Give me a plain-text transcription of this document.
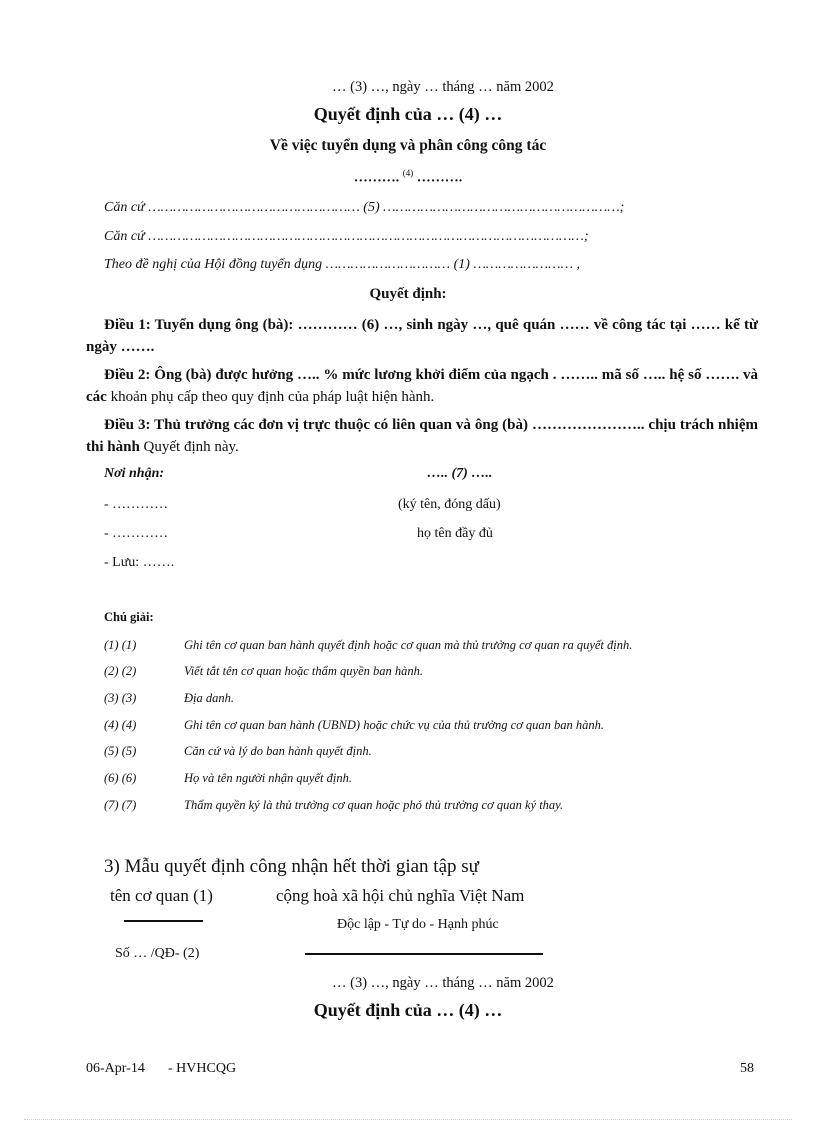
… (3) …, ngày … tháng … năm 2002
Quyết định của … (4) …
Về việc tuyển dụng và phân công công tác
………. $^{(4)}$ ……….
Căn cứ …………………………………………… (5) …………………………………………………;
Căn cứ ……………………………………………………………………………………………;
Theo đề nghị của Hội đồng tuyển dụng ………………………… (1) …………………… ,
Quyết định:
Điều 1: Tuyển dụng ông (bà): ………… (6) …, sinh ngày …, quê quán …… về công tác tại …… kể từ ngày …….
Điều 2: Ông (bà) được hưởng ….. % mức lương khởi điểm của ngạch . …….. mã số ….. hệ số ……. và các khoản phụ cấp theo quy định của pháp luật hiện hành.
Điều 3: Thủ trưởng các đơn vị trực thuộc có liên quan và ông (bà) ………………….. chịu trách nhiệm thi hành Quyết định này.
Nơi nhận:	….. (7) …..
- …………	(ký tên, đóng dấu)
- …………	họ tên đầy đủ
- Lưu: …….
Chú giải:
(1) (1)	Ghi tên cơ quan ban hành quyết định hoặc cơ quan mà thủ trưởng cơ quan ra quyết định.
(2) (2)	Viết tắt tên cơ quan hoặc thẩm quyền ban hành.
(3) (3)	Địa danh.
(4) (4)	Ghi tên cơ quan ban hành (UBND) hoặc chức vụ của thủ trưởng cơ quan ban hành.
(5) (5)	Căn cứ và lý do ban hành quyết định.
(6) (6)	Họ và tên người nhận quyết định.
(7) (7)	Thẩm quyền ký là thủ trưởng cơ quan hoặc phó thủ trưởng cơ quan ký thay.
3) Mẫu quyết định công nhận hết thời gian tập sự
tên cơ quan (1)	cộng hoà xã hội chủ nghĩa Việt Nam
Độc lập - Tự do - Hạnh phúc
Số … /QĐ- (2)
… (3) …, ngày … tháng … năm 2002
Quyết định của … (4) …
06-Apr-14 - HVHCQG	58
